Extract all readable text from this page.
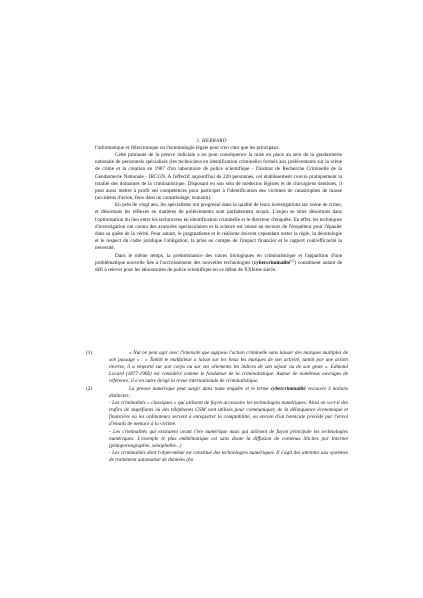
J. HEBRARD

l'informatique et l'électronique ou l'entomologie légale pour n'en citer que les principaux.

Cette primauté de la preuve indiciale a eu pour conséquence la mise en place au sein de la gendarmerie nationale de personnels spécialisés (les techniciens en identification criminelle) formés aux prélèvements sur la scène de crime et la création en 1987 d'un laboratoire de police scientifique - l'Institut de Recherche Criminelle de la Gendarmerie Nationale - IRCGN. A l'effectif aujourd'hui de 220 personnes, cet établissement couvre pratiquement la totalité des domaines de la criminalistique. Disposant en son sein de médecins légistes et de chirurgiens dentistes, il peut aussi mettre à profit ses compétences pour participer à l'identification des victimes de catastrophes de masse (accidents d'avion, feux dans un carambolage, tsunami).

En près de vingt ans, les spécialistes ont progressé dans la qualité de leurs investigations sur scène de crime, et désormais les réflexes en matières de prélèvements sont parfaitement acquis. L'enjeu se situe désormais dans l'optimisation du lien entre les techniciens en identification criminelle et le directeur d'enquête. En effet, les techniques d'investigation ont connu des avancées spectaculaires et la science est venue au secours de l'enquêteur pour l'épauler dans sa quête de la vérité. Pour autant, le pragmatisme et le réalisme doivent cependant rester la règle, la déontologie et le respect du cadre juridique l'obligation, la prise en compte de l'impact financier et le rapport coût/efficacité la nécessité.

Dans le même temps, la prédominance des traces biologiques en criminalistique et l'apparition d'une problématique nouvelle liée à l'accroissement des nouvelles technologies (cybercriminalité$^{(2)}$) constituent autant de défi à relever pour les laboratoires de police scientifique en ce début de XXIème siècle.

(1)	« Nul ne peut agir avec l'intensité que suppose l'action criminelle sans laisser des marques multiples de son passage » : « Tantôt le malfaiteur a laissé sur les lieux les marques de son activité, tantôt par une action inverse, il a emporté sur son corps ou sur ses vêtements les indices de son séjour ou de son geste ». Edmond Locard (1877-1966) est considéré comme le fondateur de la criminalistique. Auteur de nombreux ouvrages de référence, il a en outre dirigé la revue internationale de criminalistique.

(2)	La preuve numérique peut surgir dans toute enquête et le terme cybercriminalité recouvre 3 notions distinctes :

- Les criminalités « classiques » qui utilisent de façon accessoire les technologies numériques. Ainsi en va-t-il des trafics de stupéfiants où des téléphones GSM sont utilisés pour communiquer, de la délinquance économique et financière où les ordinateurs servent à enregistrer la comptabilité, ou encore d'un homicide précédé par l'envoi d'emails de menace à la victime.

- Les criminalités qui existaient avant l'ère numérique mais qui utilisent de façon principale les technologies numériques. L'exemple le plus emblématique est sans doute la diffusion de contenus illicites par Internet (pédopornographie, xénophobie...)

- Les criminalités dont l'objet-même est constitué des technologies numériques. Il s'agit des atteintes aux systèmes de traitement automatisé de données (loi
